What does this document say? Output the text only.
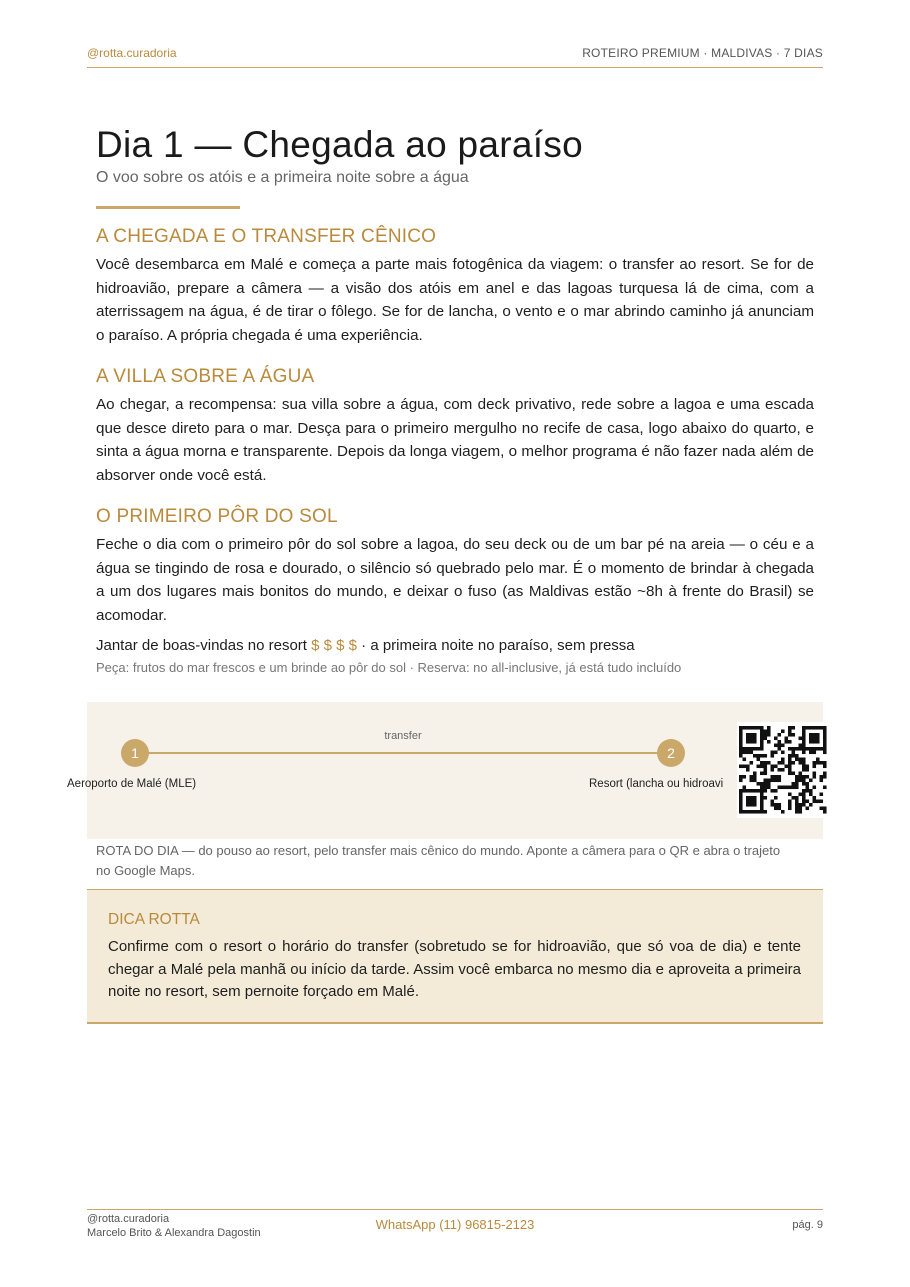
@rotta.curadoria	ROTEIRO PREMIUM · MALDIVAS · 7 DIAS
Dia 1 — Chegada ao paraíso
O voo sobre os atóis e a primeira noite sobre a água
A CHEGADA E O TRANSFER CÊNICO

Você desembarca em Malé e começa a parte mais fotogênica da viagem: o transfer ao resort. Se for de hidroavião, prepare a câmera — a visão dos atóis em anel e das lagoas turquesa lá de cima, com a aterrissagem na água, é de tirar o fôlego. Se for de lancha, o vento e o mar abrindo caminho já anunciam o paraíso. A própria chegada é uma experiência.

A VILLA SOBRE A ÁGUA

Ao chegar, a recompensa: sua villa sobre a água, com deck privativo, rede sobre a lagoa e uma escada que desce direto para o mar. Desça para o primeiro mergulho no recife de casa, logo abaixo do quarto, e sinta a água morna e transparente. Depois da longa viagem, o melhor programa é não fazer nada além de absorver onde você está.

O PRIMEIRO PÔR DO SOL

Feche o dia com o primeiro pôr do sol sobre a lagoa, do seu deck ou de um bar pé na areia — o céu e a água se tingindo de rosa e dourado, o silêncio só quebrado pelo mar. É o momento de brindar à chegada a um dos lugares mais bonitos do mundo, e deixar o fuso (as Maldivas estão ~8h à frente do Brasil) se acomodar.

Jantar de boas-vindas no resort $ $ $ $ · a primeira noite no paraíso, sem pressa
Peça: frutos do mar frescos e um brinde ao pôr do sol · Reserva: no all-inclusive, já está tudo incluído
transfer
1	2
Aeroporto de Malé (MLE)	Resort (lancha ou hidroavi
ROTA DO DIA — do pouso ao resort, pelo transfer mais cênico do mundo. Aponte a câmera para o QR e abra o trajeto no Google Maps.
DICA ROTTA

Confirme com o resort o horário do transfer (sobretudo se for hidroavião, que só voa de dia) e tente chegar a Malé pela manhã ou início da tarde. Assim você embarca no mesmo dia e aproveita a primeira noite no resort, sem pernoite forçado em Malé.

@rotta.curadoria
Marcelo Brito & Alexandra Dagostin
WhatsApp (11) 96815-2123	pág. 9
